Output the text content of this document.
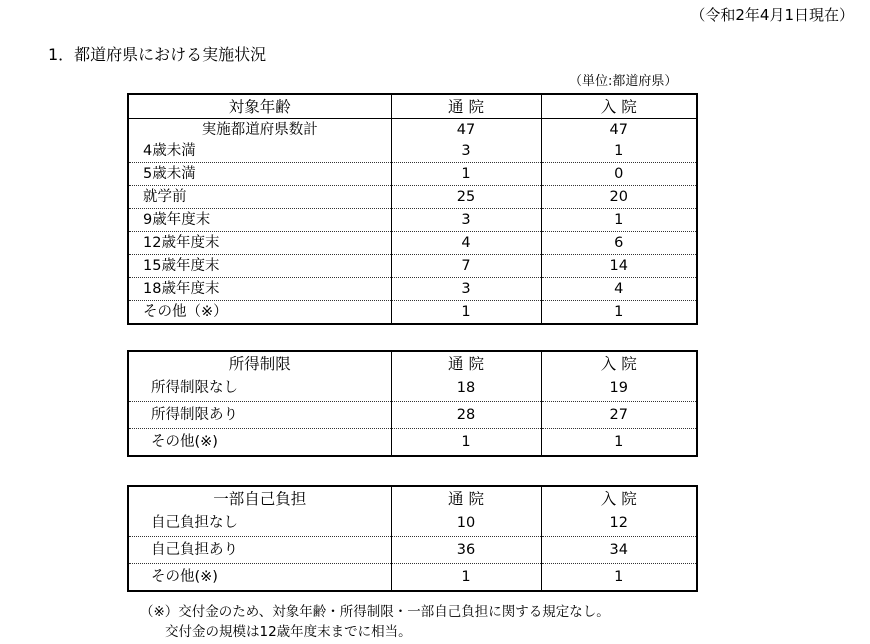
（令和2年4月1日現在）
1．都道府県における実施状況
（単位:都道府県）
対象年齢	通 院	入 院
実施都道府県数計	47	47
4歳未満	3	1
5歳未満	1	0
就学前	25	20
9歳年度末	3	1
12歳年度末	4	6
15歳年度末	7	14
18歳年度末	3	4
その他（※）	1	1
所得制限	通 院	入 院
所得制限なし	18	19
所得制限あり	28	27
その他(※)	1	1
一部自己負担	通 院	入 院
自己負担なし	10	12
自己負担あり	36	34
その他(※)	1	1
（※）交付金のため、対象年齢・所得制限・一部自己負担に関する規定なし。
交付金の規模は12歳年度末までに相当。
